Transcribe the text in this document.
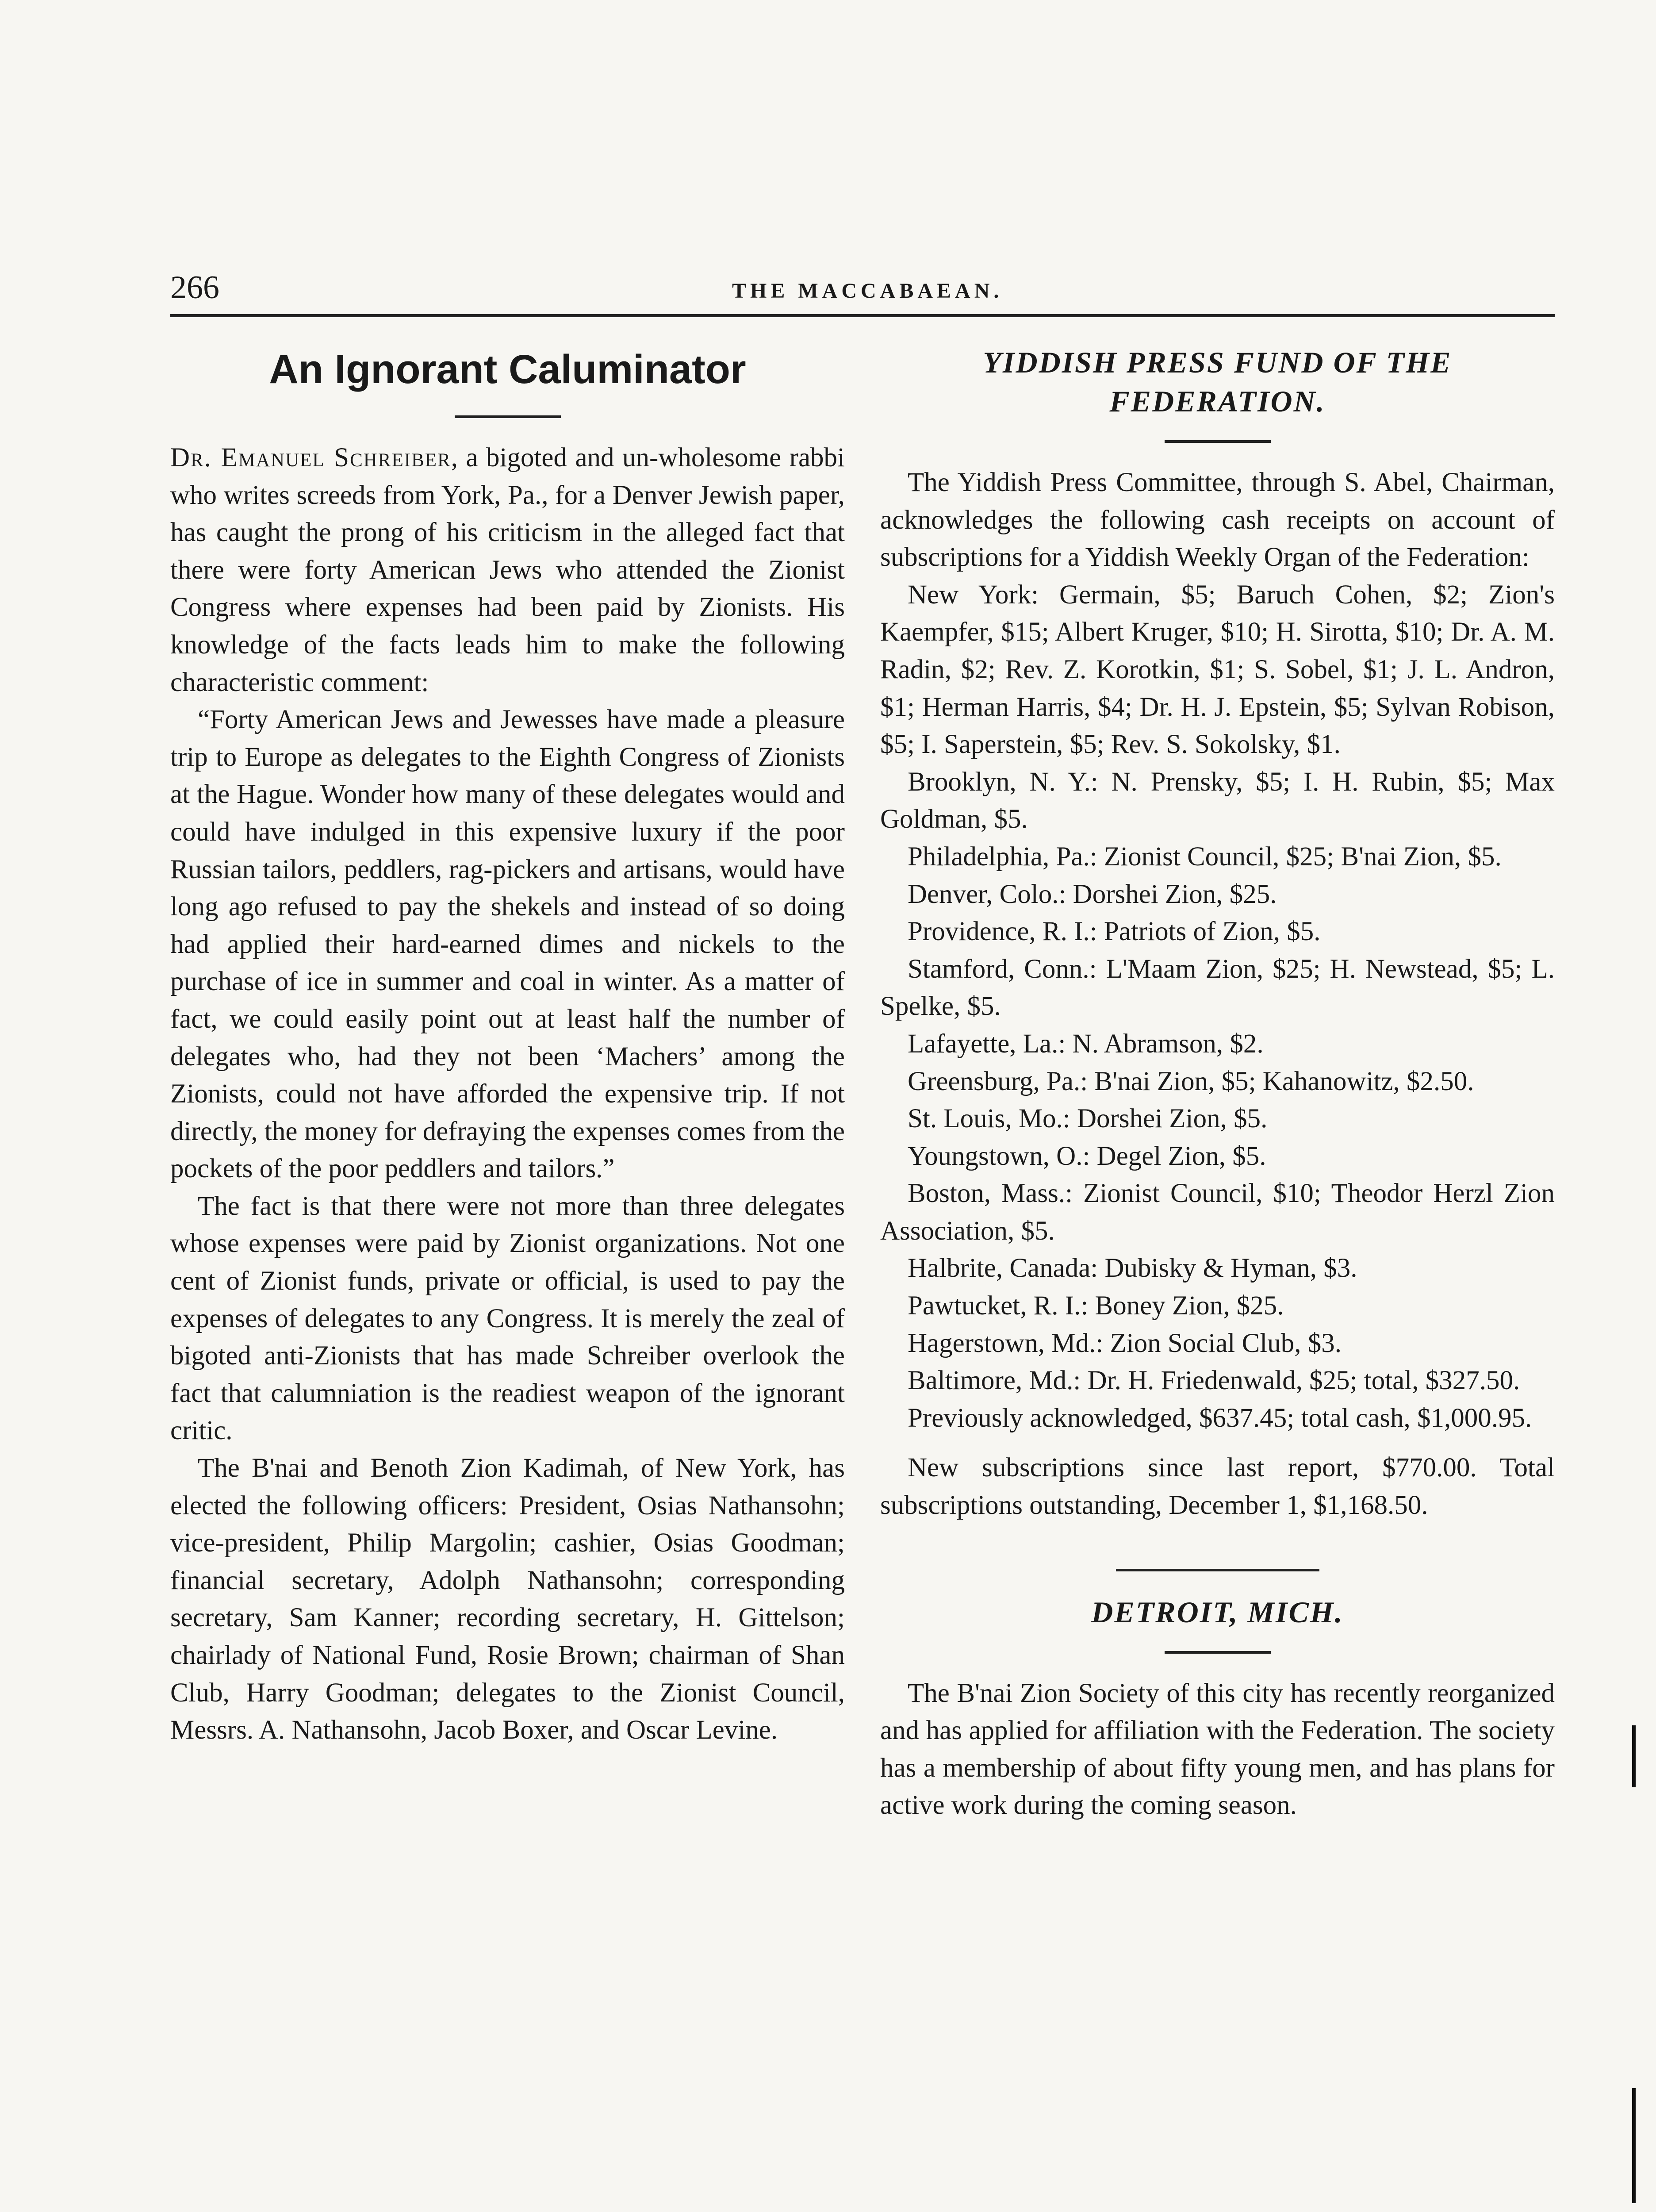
266	THE MACCABAEAN.
An Ignorant Caluminator

Dr. Emanuel Schreiber, a bigoted and un-wholesome rabbi who writes screeds from York, Pa., for a Denver Jewish paper, has caught the prong of his criticism in the alleged fact that there were forty American Jews who attended the Zionist Congress where expenses had been paid by Zionists. His knowledge of the facts leads him to make the following characteristic comment:

“Forty American Jews and Jewesses have made a pleasure trip to Europe as delegates to the Eighth Congress of Zionists at the Hague. Wonder how many of these delegates would and could have indulged in this expensive luxury if the poor Russian tailors, peddlers, rag-pickers and artisans, would have long ago refused to pay the shekels and instead of so doing had applied their hard-earned dimes and nickels to the purchase of ice in summer and coal in winter. As a matter of fact, we could easily point out at least half the number of delegates who, had they not been ‘Machers’ among the Zionists, could not have afforded the expensive trip. If not directly, the money for defraying the expenses comes from the pockets of the poor peddlers and tailors.”

The fact is that there were not more than three delegates whose expenses were paid by Zionist organizations. Not one cent of Zionist funds, private or official, is used to pay the expenses of delegates to any Congress. It is merely the zeal of bigoted anti-Zionists that has made Schreiber overlook the fact that calumniation is the readiest weapon of the ignorant critic.

The B'nai and Benoth Zion Kadimah, of New York, has elected the following officers: President, Osias Nathansohn; vice-president, Philip Margolin; cashier, Osias Goodman; financial secretary, Adolph Nathansohn; corresponding secretary, Sam Kanner; recording secretary, H. Gittelson; chairlady of National Fund, Rosie Brown; chairman of Shan Club, Harry Goodman; delegates to the Zionist Council, Messrs. A. Nathansohn, Jacob Boxer, and Oscar Levine.

YIDDISH PRESS FUND OF THE FEDERATION.

The Yiddish Press Committee, through S. Abel, Chairman, acknowledges the following cash receipts on account of subscriptions for a Yiddish Weekly Organ of the Federation:

New York: Germain, $5; Baruch Cohen, $2; Zion's Kaempfer, $15; Albert Kruger, $10; H. Sirotta, $10; Dr. A. M. Radin, $2; Rev. Z. Korotkin, $1; S. Sobel, $1; J. L. Andron, $1; Herman Harris, $4; Dr. H. J. Epstein, $5; Sylvan Robison, $5; I. Saperstein, $5; Rev. S. Sokolsky, $1.

Brooklyn, N. Y.: N. Prensky, $5; I. H. Rubin, $5; Max Goldman, $5.

Philadelphia, Pa.: Zionist Council, $25; B'nai Zion, $5.

Denver, Colo.: Dorshei Zion, $25.

Providence, R. I.: Patriots of Zion, $5.

Stamford, Conn.: L'Maam Zion, $25; H. Newstead, $5; L. Spelke, $5.

Lafayette, La.: N. Abramson, $2.

Greensburg, Pa.: B'nai Zion, $5; Kahanowitz, $2.50.

St. Louis, Mo.: Dorshei Zion, $5.

Youngstown, O.: Degel Zion, $5.

Boston, Mass.: Zionist Council, $10; Theodor Herzl Zion Association, $5.

Halbrite, Canada: Dubisky & Hyman, $3.

Pawtucket, R. I.: Boney Zion, $25.

Hagerstown, Md.: Zion Social Club, $3.

Baltimore, Md.: Dr. H. Friedenwald, $25; total, $327.50.

Previously acknowledged, $637.45; total cash, $1,000.95.

New subscriptions since last report, $770.00. Total subscriptions outstanding, December 1, $1,168.50.

DETROIT, MICH.

The B'nai Zion Society of this city has recently reorganized and has applied for affiliation with the Federation. The society has a membership of about fifty young men, and has plans for active work during the coming season.
